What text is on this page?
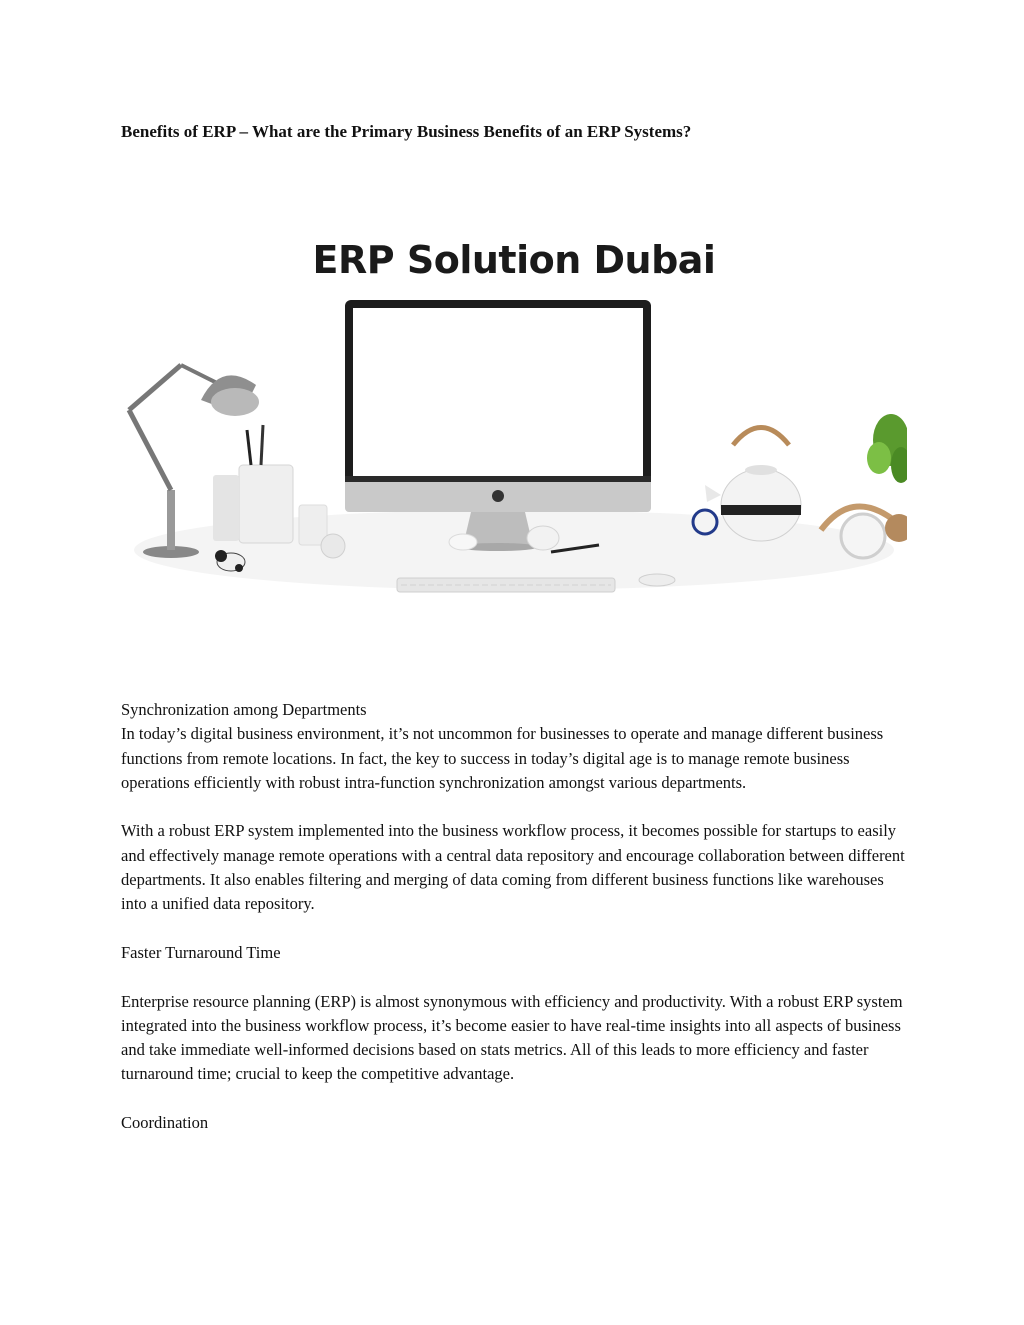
Benefits of ERP – What are the Primary Business Benefits of an ERP Systems?
ERP Solution Dubai

Synchronization among Departments

In today’s digital business environment, it’s not uncommon for businesses to operate and manage different business functions from remote locations. In fact, the key to success in today’s digital age is to manage remote business operations efficiently with robust intra-function synchronization amongst various departments.

With a robust ERP system implemented into the business workflow process, it becomes possible for startups to easily and effectively manage remote operations with a central data repository and encourage collaboration between different departments. It also enables filtering and merging of data coming from different business functions like warehouses into a unified data repository.

Faster Turnaround Time

Enterprise resource planning (ERP) is almost synonymous with efficiency and productivity. With a robust ERP system integrated into the business workflow process, it’s become easier to have real-time insights into all aspects of business and take immediate well-informed decisions based on stats metrics. All of this leads to more efficiency and faster turnaround time; crucial to keep the competitive advantage.

Coordination
